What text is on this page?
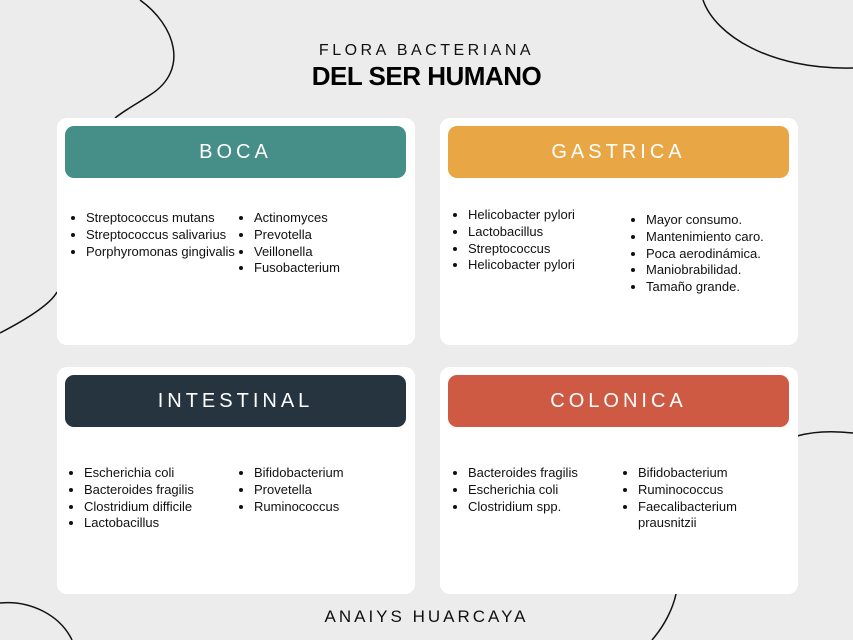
FLORA BACTERIANA
DEL SER HUMANO
BOCA
• Streptococcus mutans
• Streptococcus salivarius
• Porphyromonas gingivalis
• Actinomyces
• Prevotella
• Veillonella
• Fusobacterium
GASTRICA
• Helicobacter pylori
• Lactobacillus
• Streptococcus
• Helicobacter pylori
• Mayor consumo.
• Mantenimiento caro.
• Poca aerodinámica.
• Maniobrabilidad.
• Tamaño grande.
INTESTINAL
• Escherichia coli
• Bacteroides fragilis
• Clostridium difficile
• Lactobacillus
• Bifidobacterium
• Provetella
• Ruminococcus
COLONICA
• Bacteroides fragilis
• Escherichia coli
• Clostridium spp.
• Bifidobacterium
• Ruminococcus
• Faecalibacterium prausnitzii
ANAIYS HUARCAYA
